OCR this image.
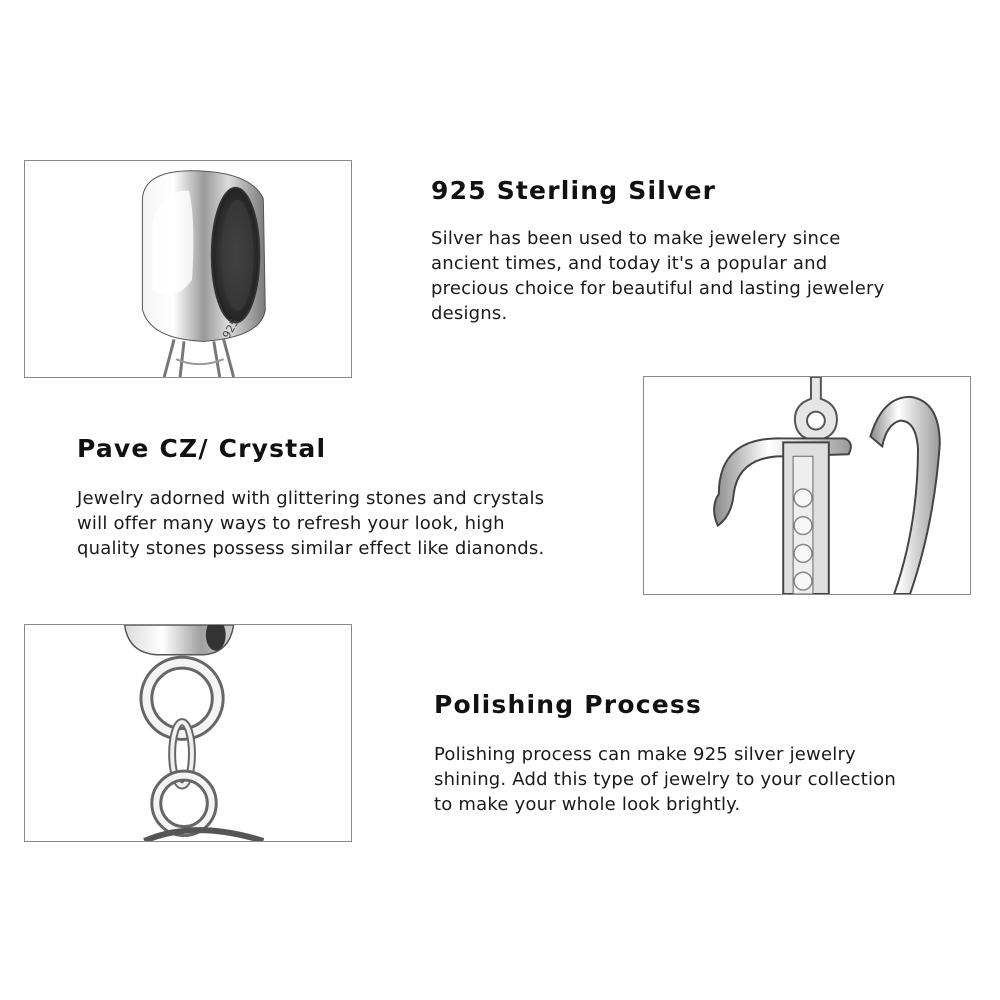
925
925 Sterling Silver

Silver has been used to make jewelery since
ancient times, and today it's a popular and
precious choice for beautiful and lasting jewelery
designs.

Pave CZ/ Crystal

Jewelry adorned with glittering stones and crystals
will offer many ways to refresh your look, high
quality stones possess similar effect like dianonds.

Polishing Process

Polishing process can make 925 silver jewelry
shining. Add this type of jewelry to your collection
to make your whole look brightly.
